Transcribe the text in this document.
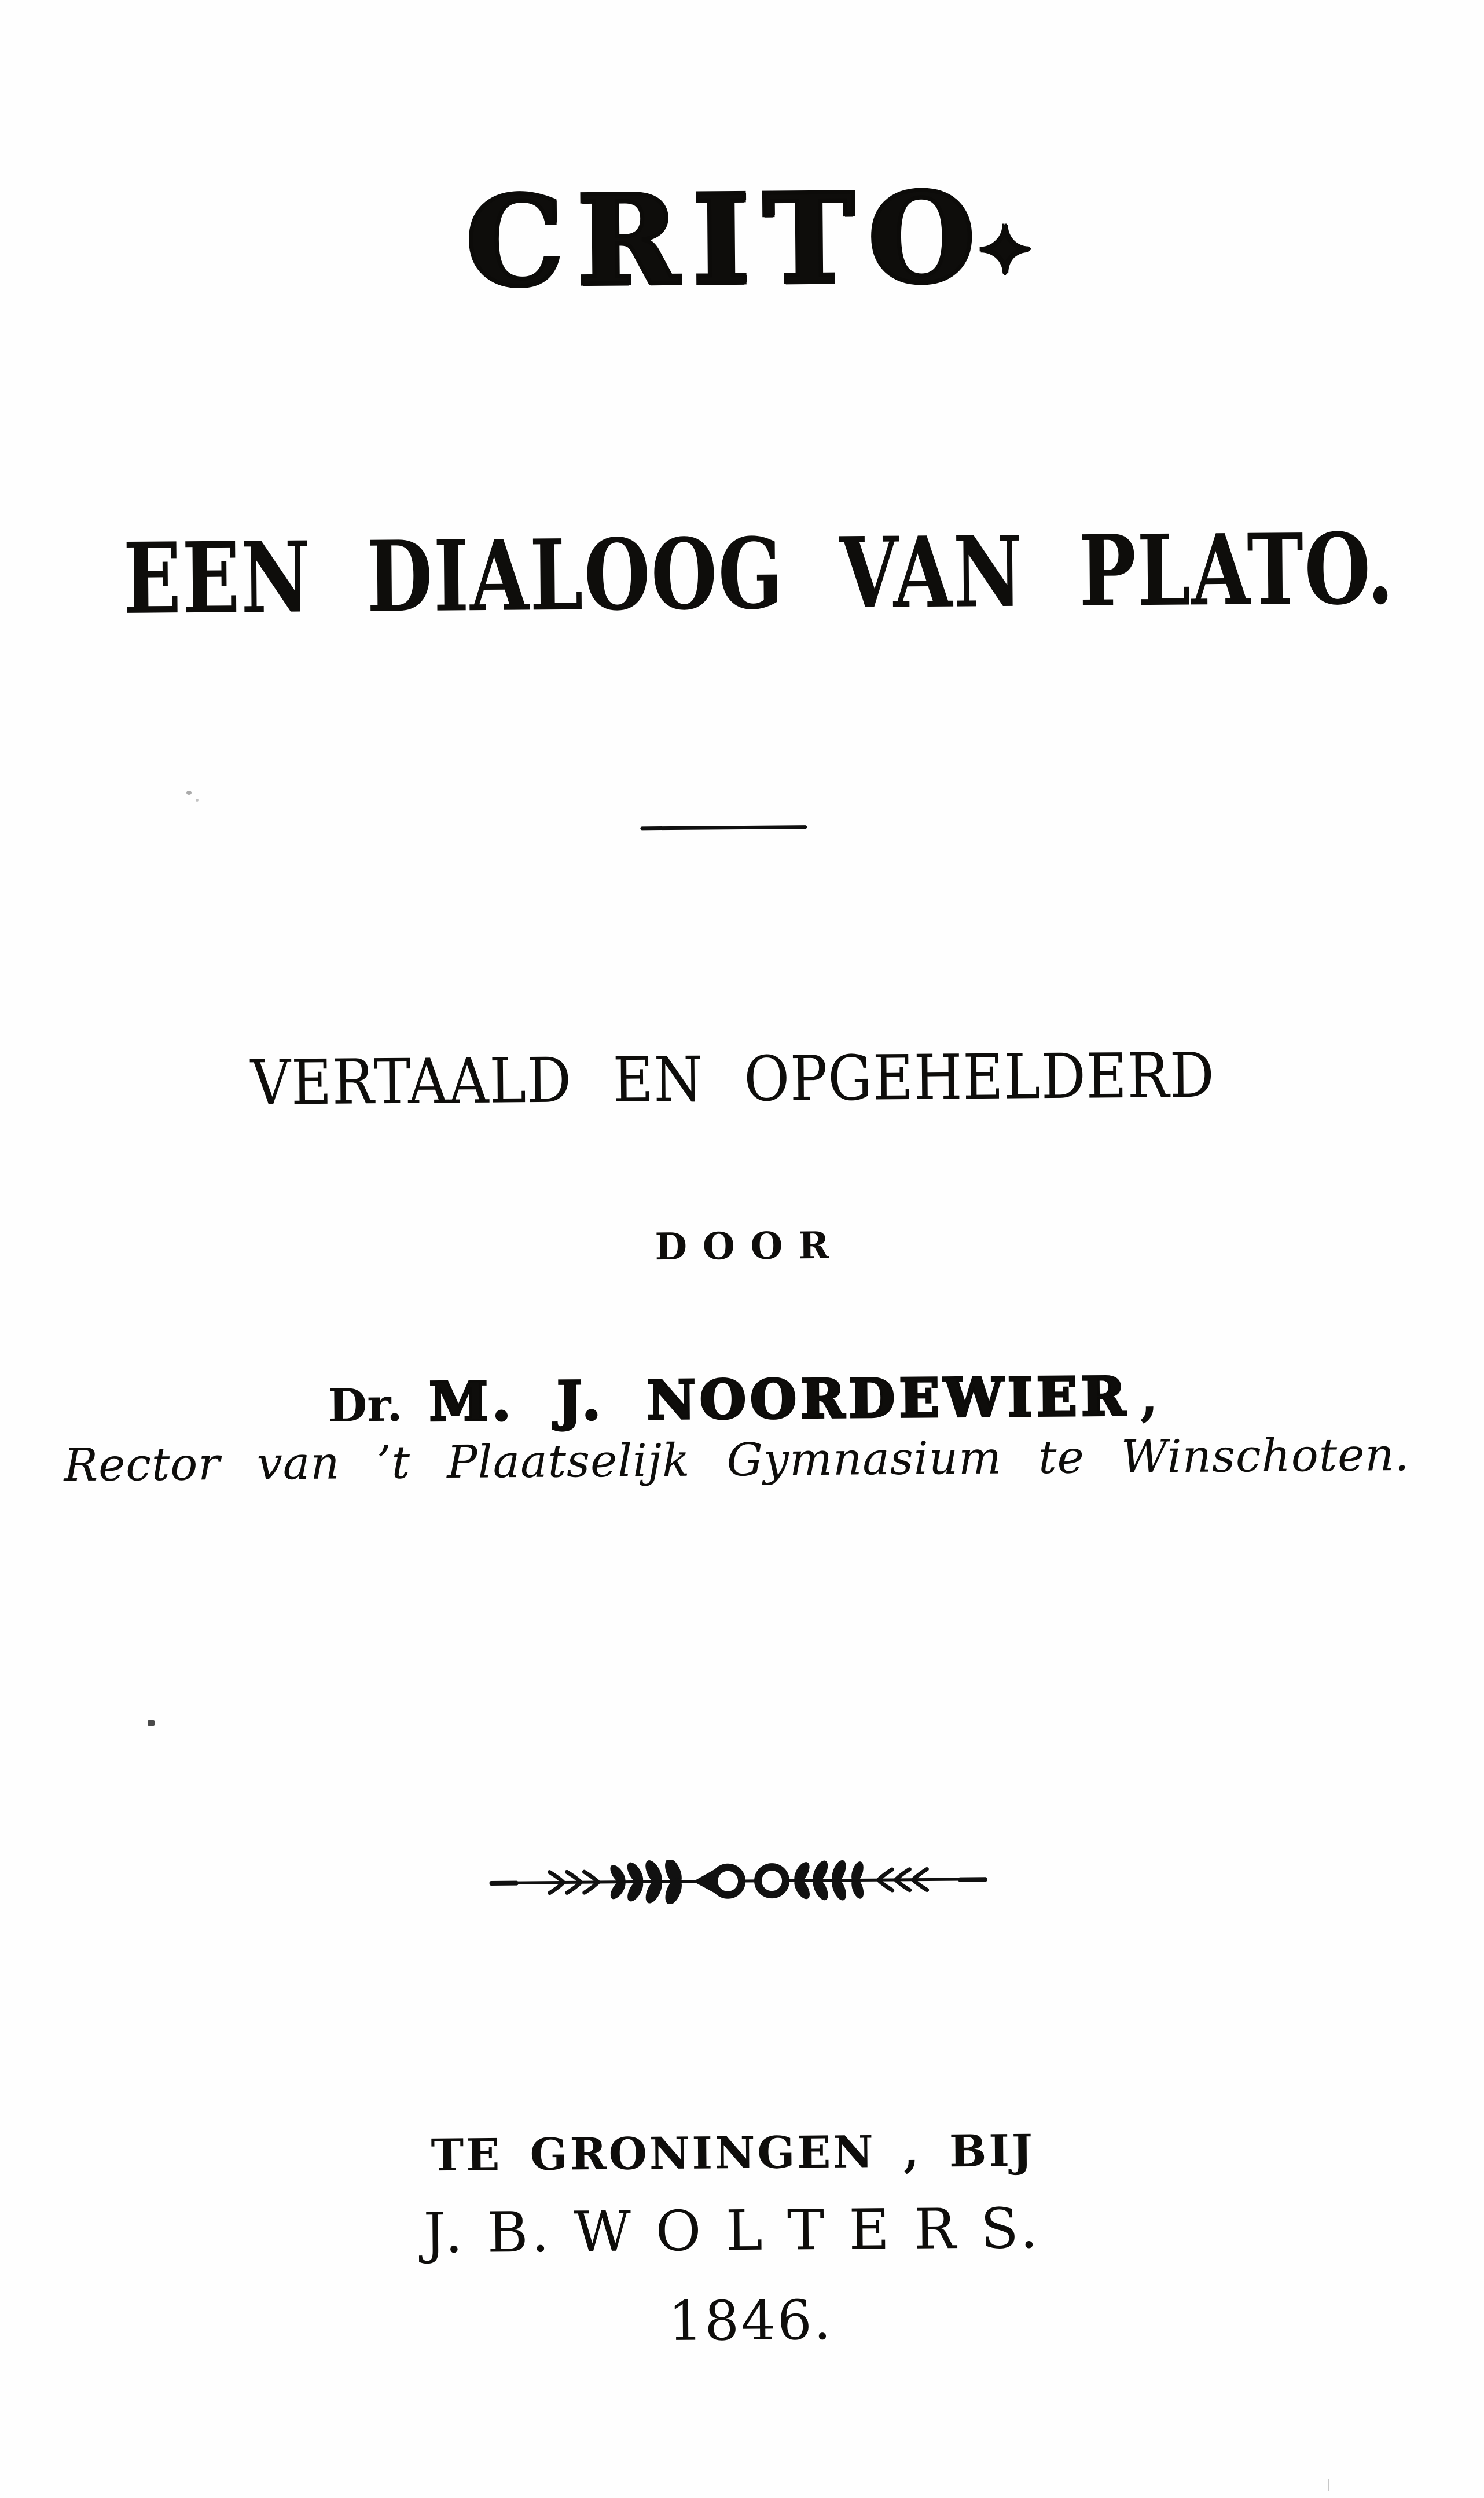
CRITO✦
EEN DIALOOG VAN PLATO.
VERTAALD EN OPGEHELDERD
DOOR
Dr. M. J. NOORDEWIER ,
Rector van ’t Plaatselijk Gymnasium te Winschoten.
TE GRONINGEN , BIJ
J. B. W O L T E R S.
1846.
